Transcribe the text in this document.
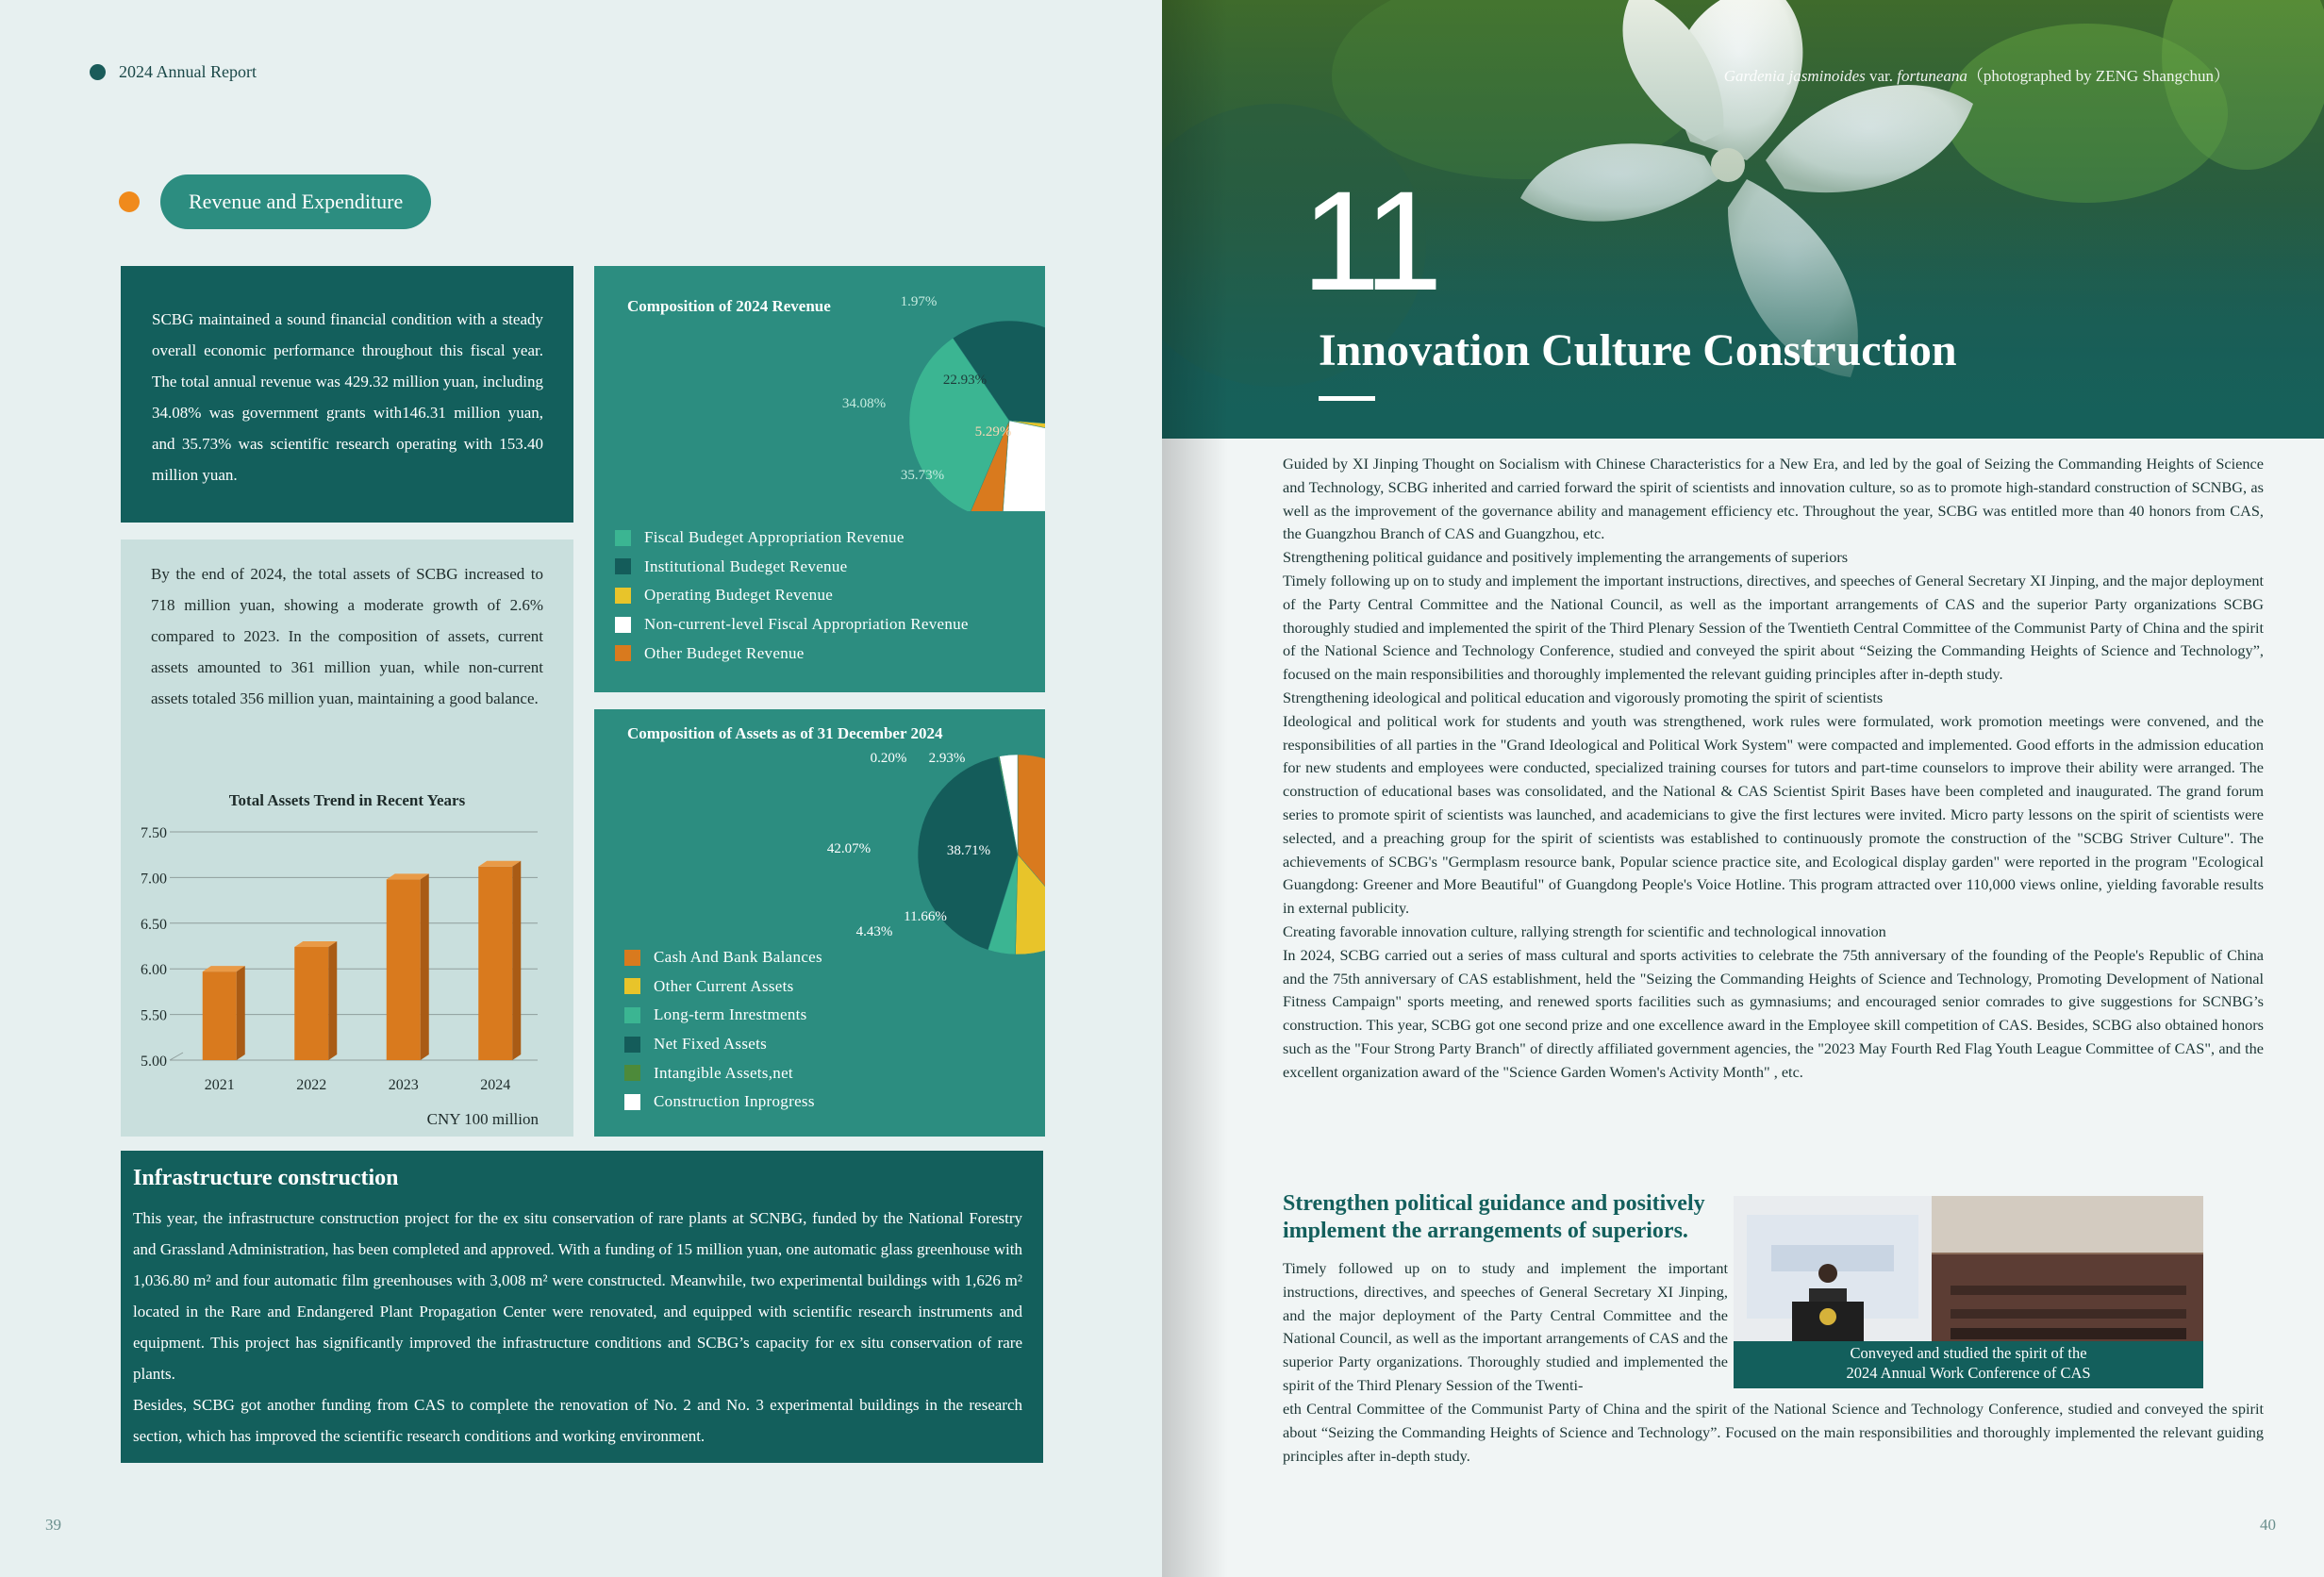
2024 Annual Report
Revenue and Expenditure

SCBG maintained a sound financial condition with a steady overall economic performance throughout this fiscal year. The total annual revenue was 429.32 million yuan, including 34.08% was government grants with146.31 million yuan, and 35.73% was scientific research operating with 153.40 million yuan.

By the end of 2024, the total assets of SCBG increased to 718 million yuan, showing a moderate growth of 2.6% compared to 2023. In the composition of assets, current assets amounted to 361 million yuan, while non-current assets totaled 356 million yuan, maintaining a good balance.

Total Assets Trend in Recent Years
5.00
5.50
6.00
6.50
7.00
7.50
2021	2022	2023	2024
CNY 100 million
Composition of 2024 Revenue
34.08%
35.73%
1.97%
22.93%
5.29%
Fiscal Budeget Appropriation Revenue
Institutional Budeget Revenue
Operating Budeget Revenue
Non-current-level Fiscal Appropriation Revenue
Other Budeget Revenue
Composition of Assets as of 31 December 2024
38.71%
11.66%
4.43%
42.07%
0.20% 2.93%
Cash And Bank Balances
Other Current Assets
Long-term Inrestments
Net Fixed Assets
Intangible Assets,net
Construction Inprogress
Infrastructure construction

This year, the infrastructure construction project for the ex situ conservation of rare plants at SCNBG, funded by the National Forestry and Grassland Administration, has been completed and approved. With a funding of 15 million yuan, one automatic glass greenhouse with 1,036.80 m² and four automatic film greenhouses with 3,008 m² were constructed. Meanwhile, two experimental buildings with 1,626 m² located in the Rare and Endangered Plant Propagation Center were renovated, and equipped with scientific research instruments and equipment. This project has significantly improved the infrastructure conditions and SCBG’s capacity for ex situ conservation of rare plants.

Besides, SCBG got another funding from CAS to complete the renovation of No. 2 and No. 3 experimental buildings in the research section, which has improved the scientific research conditions and working environment.

39
Gardenia jasminoides var. fortuneana（photographed by ZENG Shangchun）
11
Innovation Culture Construction

Guided by XI Jinping Thought on Socialism with Chinese Characteristics for a New Era, and led by the goal of Seizing the Commanding Heights of Science and Technology, SCBG inherited and carried forward the spirit of scientists and innovation culture, so as to promote high-standard construction of SCNBG, as well as the improvement of the governance ability and management efficiency etc. Throughout the year, SCBG was entitled more than 40 honors from CAS, the Guangzhou Branch of CAS and Guangzhou, etc.

Strengthening political guidance and positively implementing the arrangements of superiors

Timely following up on to study and implement the important instructions, directives, and speeches of General Secretary XI Jinping, and the major deployment of the Party Central Committee and the National Council, as well as the important arrangements of CAS and the superior Party organizations SCBG thoroughly studied and implemented the spirit of the Third Plenary Session of the Twentieth Central Committee of the Communist Party of China and the spirit of the National Science and Technology Conference, studied and conveyed the spirit about “Seizing the Commanding Heights of Science and Technology”, focused on the main responsibilities and thoroughly implemented the relevant guiding principles after in-depth study.

Strengthening ideological and political education and vigorously promoting the spirit of scientists

Ideological and political work for students and youth was strengthened, work rules were formulated, work promotion meetings were convened, and the responsibilities of all parties in the "Grand Ideological and Political Work System" were compacted and implemented. Good efforts in the admission education for new students and employees were conducted, specialized training courses for tutors and part-time counselors to improve their ability were arranged. The construction of educational bases was consolidated, and the National & CAS Scientist Spirit Bases have been completed and inaugurated. The grand forum series to promote spirit of scientists was launched, and academicians to give the first lectures were invited. Micro party lessons on the spirit of scientists were selected, and a preaching group for the spirit of scientists was established to continuously promote the construction of the "SCBG Striver Culture". The achievements of SCBG's "Germplasm resource bank, Popular science practice site, and Ecological display garden" were reported in the program "Ecological Guangdong: Greener and More Beautiful" of Guangdong People's Voice Hotline. This program attracted over 110,000 views online, yielding favorable results in external publicity.

Creating favorable innovation culture, rallying strength for scientific and technological innovation

In 2024, SCBG carried out a series of mass cultural and sports activities to celebrate the 75th anniversary of the founding of the People's Republic of China and the 75th anniversary of CAS establishment, held the "Seizing the Commanding Heights of Science and Technology, Promoting Development of National Fitness Campaign" sports meeting, and renewed sports facilities such as gymnasiums; and encouraged senior comrades to give suggestions for SCNBG’s construction. This year, SCBG got one second prize and one excellence award in the Employee skill competition of CAS. Besides, SCBG also obtained honors such as the "Four Strong Party Branch" of directly affiliated government agencies, the "2023 May Fourth Red Flag Youth League Committee of CAS", and the excellent organization award of the "Science Garden Women's Activity Month" , etc.

Strengthen political guidance and positively implement the arrangements of superiors.

Timely followed up on to study and implement the important instructions, directives, and speeches of General Secretary XI Jinping, and the major deployment of the Party Central Committee and the National Council, as well as the important arrangements of CAS and the superior Party organizations. Thoroughly studied and implemented the spirit of the Third Plenary Session of the Twenti-

Conveyed and studied the spirit of the
2024 Annual Work Conference of CAS

eth Central Committee of the Communist Party of China and the spirit of the National Science and Technology Conference, studied and conveyed the spirit about “Seizing the Commanding Heights of Science and Technology”. Focused on the main responsibilities and thoroughly implemented the relevant guiding principles after in-depth study.

40
